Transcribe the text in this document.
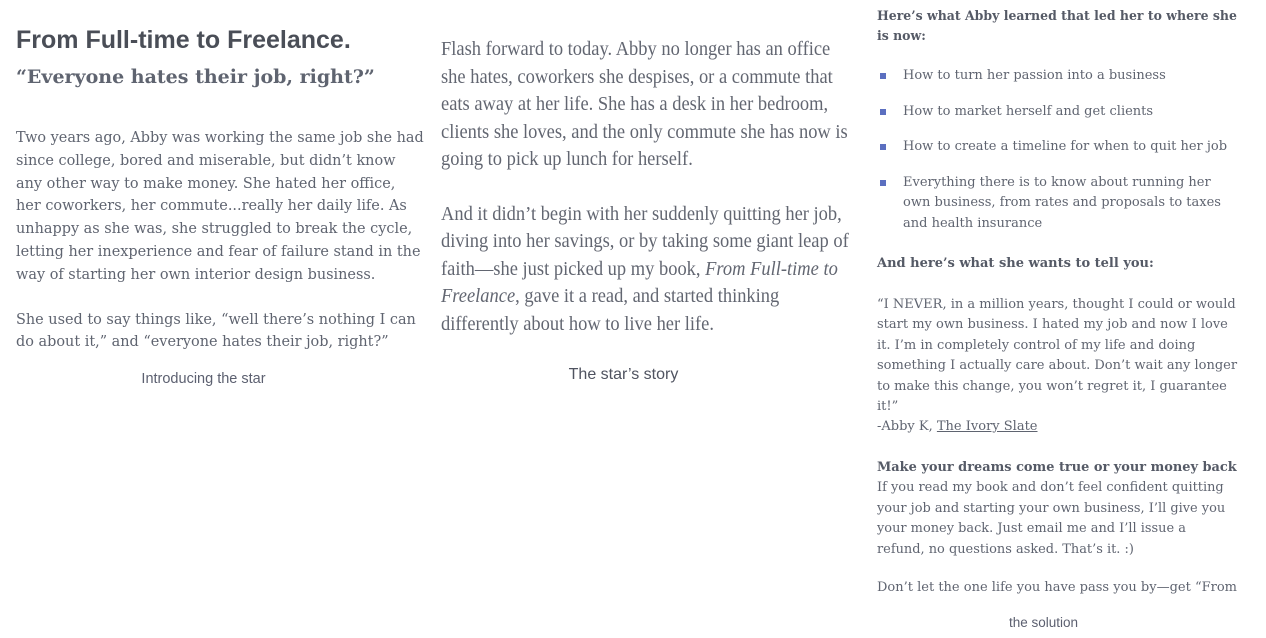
From Full-time to Freelance.
“Everyone hates their job, right?”
Two years ago, Abby was working the same job she had
since college, bored and miserable, but didn’t know
any other way to make money. She hated her office,
her coworkers, her commute...really her daily life. As
unhappy as she was, she struggled to break the cycle,
letting her inexperience and fear of failure stand in the
way of starting her own interior design business.
She used to say things like, “well there’s nothing I can
do about it,” and “everyone hates their job, right?”
Introducing the star
Flash forward to today. Abby no longer has an office
she hates, coworkers she despises, or a commute that
eats away at her life. She has a desk in her bedroom,
clients she loves, and the only commute she has now is
going to pick up lunch for herself.
And it didn’t begin with her suddenly quitting her job,
diving into her savings, or by taking some giant leap of
faith—she just picked up my book, From Full-time to
Freelance, gave it a read, and started thinking
differently about how to live her life.
The star’s story
Here’s what Abby learned that led her to where she
is now:
How to turn her passion into a business
How to market herself and get clients
How to create a timeline for when to quit her job
Everything there is to know about running her
own business, from rates and proposals to taxes
and health insurance
And here’s what she wants to tell you:
“I NEVER, in a million years, thought I could or would
start my own business. I hated my job and now I love
it. I’m in completely control of my life and doing
something I actually care about. Don’t wait any longer
to make this change, you won’t regret it, I guarantee
it!”
-Abby K, The Ivory Slate
Make your dreams come true or your money back
If you read my book and don’t feel confident quitting
your job and starting your own business, I’ll give you
your money back. Just email me and I’ll issue a
refund, no questions asked. That’s it. :)
Don’t let the one life you have pass you by—get “From
the solution
